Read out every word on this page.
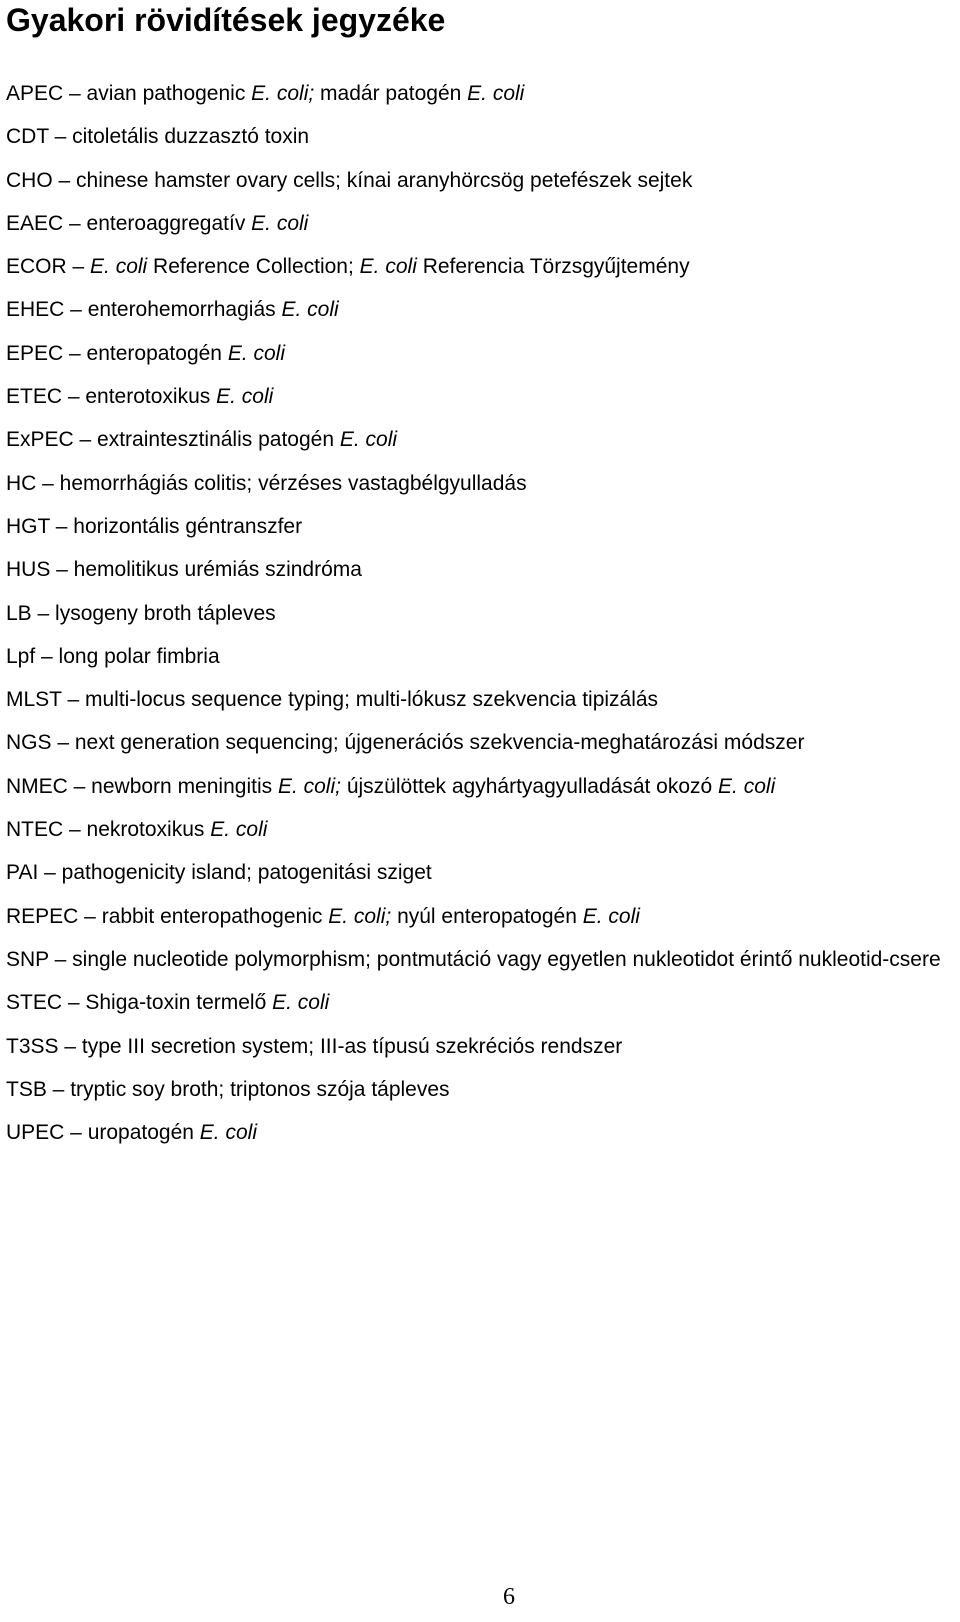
Gyakori rövidítések jegyzéke
APEC – avian pathogenic E. coli; madár patogén E. coli
CDT – citoletális duzzasztó toxin
CHO – chinese hamster ovary cells; kínai aranyhörcsög petefészek sejtek
EAEC – enteroaggregatív E. coli
ECOR – E. coli Reference Collection; E. coli Referencia Törzsgyűjtemény
EHEC – enterohemorrhagiás E. coli
EPEC – enteropatogén E. coli
ETEC – enterotoxikus E. coli
ExPEC – extraintesztinális patogén E. coli
HC – hemorrhágiás colitis; vérzéses vastagbélgyulladás
HGT – horizontális géntranszfer
HUS – hemolitikus urémiás szindróma
LB – lysogeny broth tápleves
Lpf – long polar fimbria
MLST – multi-locus sequence typing; multi-lókusz szekvencia tipizálás
NGS – next generation sequencing; újgenerációs szekvencia-meghatározási módszer
NMEC – newborn meningitis E. coli; újszülöttek agyhártyagyulladását okozó E. coli
NTEC – nekrotoxikus E. coli
PAI – pathogenicity island; patogenitási sziget
REPEC – rabbit enteropathogenic E. coli; nyúl enteropatogén E. coli
SNP – single nucleotide polymorphism; pontmutáció vagy egyetlen nukleotidot érintő nukleotid-csere
STEC – Shiga-toxin termelő E. coli
T3SS – type III secretion system; III-as típusú szekréciós rendszer
TSB – tryptic soy broth; triptonos szója tápleves
UPEC – uropatogén E. coli
6
